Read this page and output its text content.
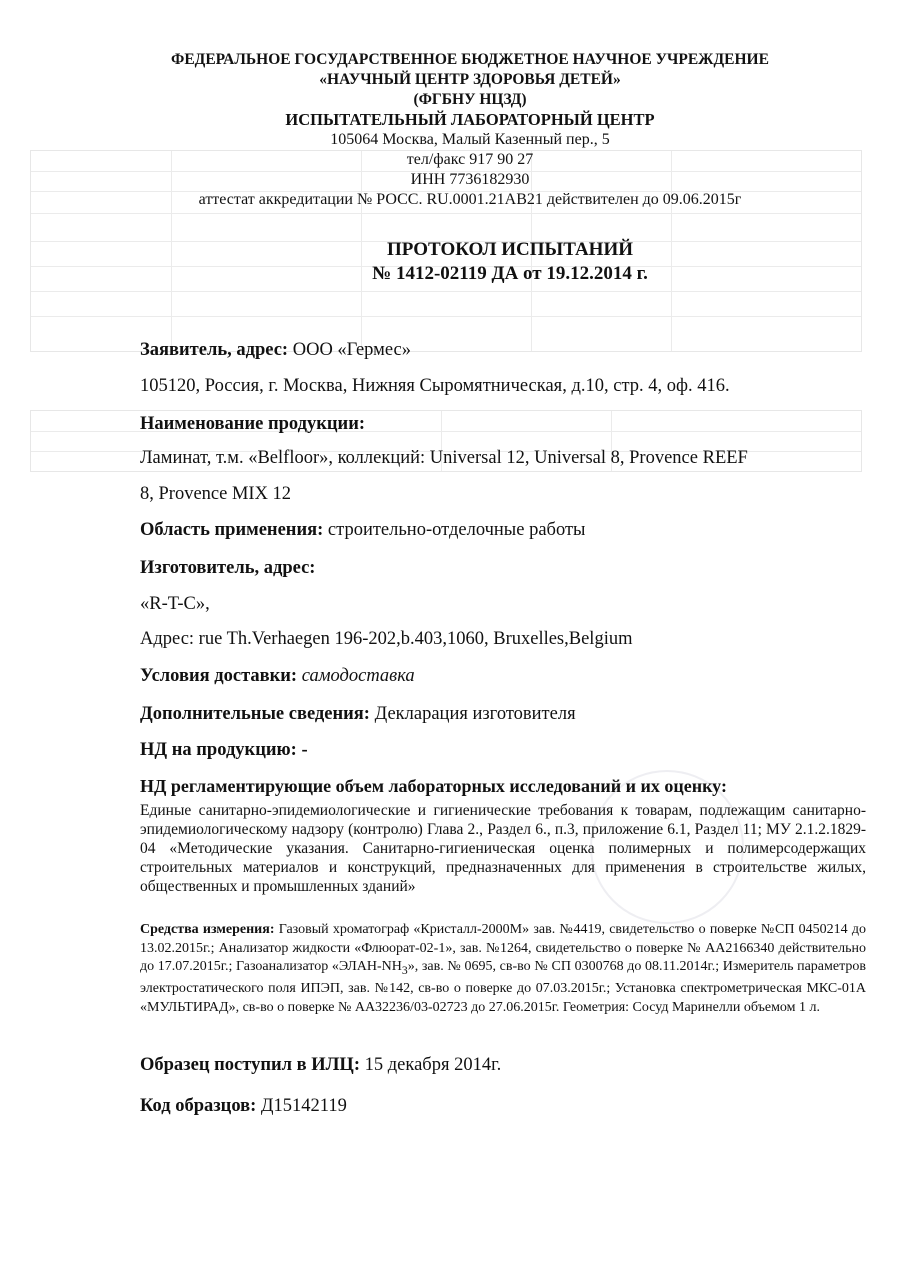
ФЕДЕРАЛЬНОЕ ГОСУДАРСТВЕННОЕ БЮДЖЕТНОЕ НАУЧНОЕ УЧРЕЖДЕНИЕ
«НАУЧНЫЙ ЦЕНТР ЗДОРОВЬЯ ДЕТЕЙ»
(ФГБНУ НЦЗД)
ИСПЫТАТЕЛЬНЫЙ ЛАБОРАТОРНЫЙ ЦЕНТР
105064 Москва, Малый Казенный пер., 5
тел/факс 917 90 27
ИНН 7736182930
аттестат аккредитации № РОСС. RU.0001.21АВ21 действителен до 09.06.2015г
ПРОТОКОЛ ИСПЫТАНИЙ
№ 1412-02119 ДА от 19.12.2014 г.
Заявитель, адрес: ООО «Гермес»
105120, Россия, г. Москва, Нижняя Сыромятническая, д.10, стр. 4, оф. 416.
Наименование продукции:
Ламинат, т.м. «Belfloor», коллекций: Universal 12, Universal 8, Provence REEF
8, Provence MIX 12
Область применения: строительно-отделочные работы
Изготовитель, адрес:
«R-T-C»,
Адрес: rue Th.Verhaegen 196-202,b.403,1060, Bruxelles,Belgium
Условия доставки: самодоставка
Дополнительные сведения: Декларация изготовителя
НД на продукцию: -
НД регламентирующие объем лабораторных исследований и их оценку:
Единые санитарно-эпидемиологические и гигиенические требования к товарам, подлежащим санитарно-эпидемиологическому надзору (контролю) Глава 2., Раздел 6., п.3, приложение 6.1, Раздел 11; МУ 2.1.2.1829-04 «Методические указания. Санитарно-гигиеническая оценка полимерных и полимерсодержащих строительных материалов и конструкций, предназначенных для применения в строительстве жилых, общественных и промышленных зданий»
Средства измерения: Газовый хроматограф «Кристалл-2000М» зав. №4419, свидетельство о поверке №СП 0450214 до 13.02.2015г.; Анализатор жидкости «Флюорат-02-1», зав. №1264, свидетельство о поверке № АА2166340 действительно до 17.07.2015г.; Газоанализатор «$ЭЛАН-NH_3$», зав. № 0695, св-во № СП 0300768 до 08.11.2014г.; Измеритель параметров электростатического поля ИПЭП, зав. №142, св-во о поверке до 07.03.2015г.; Установка спектрометрическая МКС-01А «МУЛЬТИРАД», св-во о поверке № АА32236/03-02723 до 27.06.2015г. Геометрия: Сосуд Маринелли объемом 1 л.
Образец поступил в ИЛЦ: 15 декабря 2014г.
Код образцов: Д15142119
